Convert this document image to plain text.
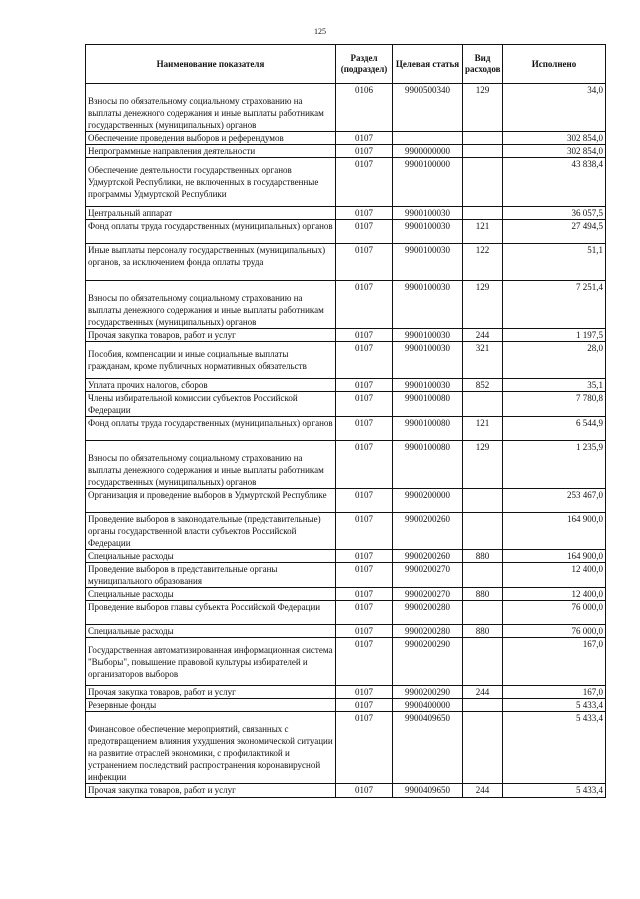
125
Наименование показателя	Раздел (подраздел)	Целевая статья	Вид расходов	Исполнено
Взносы по обязательному социальному страхованию на выплаты денежного содержания и иные выплаты работникам государственных (муниципальных) органов	0106	9900500340	129	34,0
Обеспечение проведения выборов и референдумов	0107			302 854,0
Непрограммные направления деятельности	0107	9900000000		302 854,0
Обеспечение деятельности государственных органов Удмуртской Республики, не включенных в государственные программы Удмуртской Республики	0107	9900100000		43 838,4
Центральный аппарат	0107	9900100030		36 057,5
Фонд оплаты труда государственных (муниципальных) органов	0107	9900100030	121	27 494,5
Иные выплаты персоналу государственных (муниципальных) органов, за исключением фонда оплаты труда	0107	9900100030	122	51,1
Взносы по обязательному социальному страхованию на выплаты денежного содержания и иные выплаты работникам государственных (муниципальных) органов	0107	9900100030	129	7 251,4
Прочая закупка товаров, работ и услуг	0107	9900100030	244	1 197,5
Пособия, компенсации и иные социальные выплаты гражданам, кроме публичных нормативных обязательств	0107	9900100030	321	28,0
Уплата прочих налогов, сборов	0107	9900100030	852	35,1
Члены избирательной комиссии субъектов Российской Федерации	0107	9900100080		7 780,8
Фонд оплаты труда государственных (муниципальных) органов	0107	9900100080	121	6 544,9
Взносы по обязательному социальному страхованию на выплаты денежного содержания и иные выплаты работникам государственных (муниципальных) органов	0107	9900100080	129	1 235,9
Организация и проведение выборов в Удмуртской Республике	0107	9900200000		253 467,0
Проведение выборов в законодательные (представительные) органы государственной власти субъектов Российской Федерации	0107	9900200260		164 900,0
Специальные расходы	0107	9900200260	880	164 900,0
Проведение выборов в представительные органы муниципального образования	0107	9900200270		12 400,0
Специальные расходы	0107	9900200270	880	12 400,0
Проведение выборов главы субъекта Российской Федерации	0107	9900200280		76 000,0
Специальные расходы	0107	9900200280	880	76 000,0
Государственная автоматизированная информационная система "Выборы", повышение правовой культуры избирателей и организаторов выборов	0107	9900200290		167,0
Прочая закупка товаров, работ и услуг	0107	9900200290	244	167,0
Резервные фонды	0107	9900400000		5 433,4
Финансовое обеспечение мероприятий, связанных с предотвращением влияния ухудшения экономической ситуации на развитие отраслей экономики, с профилактикой и устранением последствий распространения коронавирусной инфекции	0107	9900409650		5 433,4
Прочая закупка товаров, работ и услуг	0107	9900409650	244	5 433,4
